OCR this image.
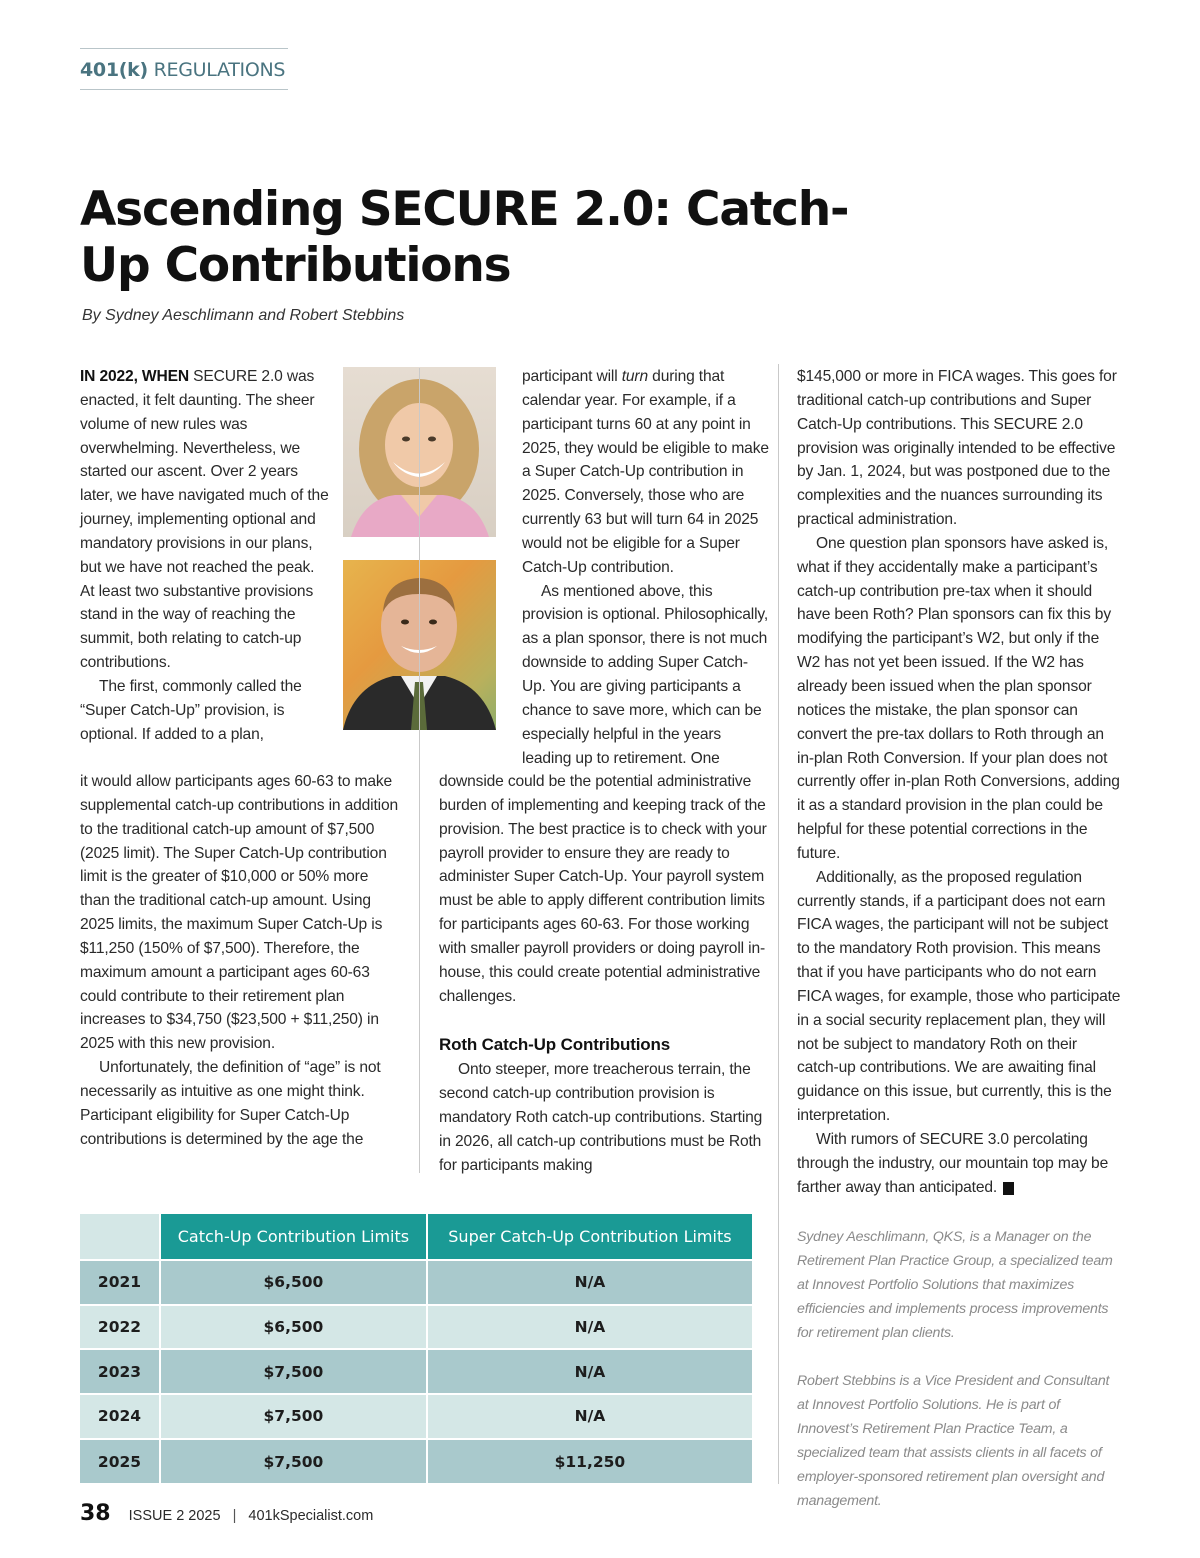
401(k) REGULATIONS
Ascending SECURE 2.0: Catch-Up Contributions
By Sydney Aeschlimann and Robert Stebbins

IN 2022, WHEN SECURE 2.0 was enacted, it felt daunting. The sheer volume of new rules was overwhelming. Nevertheless, we started our ascent. Over 2 years later, we have navigated much of the journey, implementing optional and mandatory provisions in our plans, but we have not reached the peak. At least two substantive provisions stand in the way of reaching the summit, both relating to catch-up contributions.

The first, commonly called the “Super Catch-Up” provision, is optional. If added to a plan,

it would allow participants ages 60-63 to make supplemental catch-up contributions in addition to the traditional catch-up amount of $7,500 (2025 limit). The Super Catch-Up contribution limit is the greater of $10,000 or 50% more than the traditional catch-up amount. Using 2025 limits, the maximum Super Catch-Up is $11,250 (150% of $7,500). Therefore, the maximum amount a participant ages 60-63 could contribute to their retirement plan increases to $34,750 ($23,500 + $11,250) in 2025 with this new provision.

Unfortunately, the definition of “age” is not necessarily as intuitive as one might think. Participant eligibility for Super Catch-Up contributions is determined by the age the

participant will turn during that calendar year. For example, if a participant turns 60 at any point in 2025, they would be eligible to make a Super Catch-Up contribution in 2025. Conversely, those who are currently 63 but will turn 64 in 2025 would not be eligible for a Super Catch-Up contribution.

As mentioned above, this provision is optional. Philosophically, as a plan sponsor, there is not much downside to adding Super Catch-Up. You are giving participants a chance to save more, which can be especially helpful in the years leading up to retirement. One

downside could be the potential administrative burden of implementing and keeping track of the provision. The best practice is to check with your payroll provider to ensure they are ready to administer Super Catch-Up. Your payroll system must be able to apply different contribution limits for participants ages 60-63. For those working with smaller payroll providers or doing payroll in-house, this could create potential administrative challenges.

Roth Catch-Up Contributions

Onto steeper, more treacherous terrain, the second catch-up contribution provision is mandatory Roth catch-up contributions. Starting in 2026, all catch-up contributions must be Roth for participants making

$145,000 or more in FICA wages. This goes for traditional catch-up contributions and Super Catch-Up contributions. This SECURE 2.0 provision was originally intended to be effective by Jan. 1, 2024, but was postponed due to the complexities and the nuances surrounding its practical administration.

One question plan sponsors have asked is, what if they accidentally make a participant’s catch-up contribution pre-tax when it should have been Roth? Plan sponsors can fix this by modifying the participant’s W2, but only if the W2 has not yet been issued. If the W2 has already been issued when the plan sponsor notices the mistake, the plan sponsor can convert the pre-tax dollars to Roth through an in-plan Roth Conversion. If your plan does not currently offer in-plan Roth Conversions, adding it as a standard provision in the plan could be helpful for these potential corrections in the future.

Additionally, as the proposed regulation currently stands, if a participant does not earn FICA wages, the participant will not be subject to the mandatory Roth provision. This means that if you have participants who do not earn FICA wages, for example, those who participate in a social security replacement plan, they will not be subject to mandatory Roth on their catch-up contributions. We are awaiting final guidance on this issue, but currently, this is the interpretation.

With rumors of SECURE 3.0 percolating through the industry, our mountain top may be farther away than anticipated.	K

Sydney Aeschlimann, QKS, is a Manager on the Retirement Plan Practice Group, a specialized team at Innovest Portfolio Solutions that maximizes efficiencies and implements process improvements for retirement plan clients.

Robert Stebbins is a Vice President and Consultant at Innovest Portfolio Solutions. He is part of Innovest’s Retirement Plan Practice Team, a specialized team that assists clients in all facets of employer-sponsored retirement plan oversight and management.

	Catch-Up Contribution Limits	Super Catch-Up Contribution Limits
2021	$6,500	N/A
2022	$6,500	N/A
2023	$7,500	N/A
2024	$7,500	N/A
2025	$7,500	$11,250
38 ISSUE 2 2025 | 401kSpecialist.com
